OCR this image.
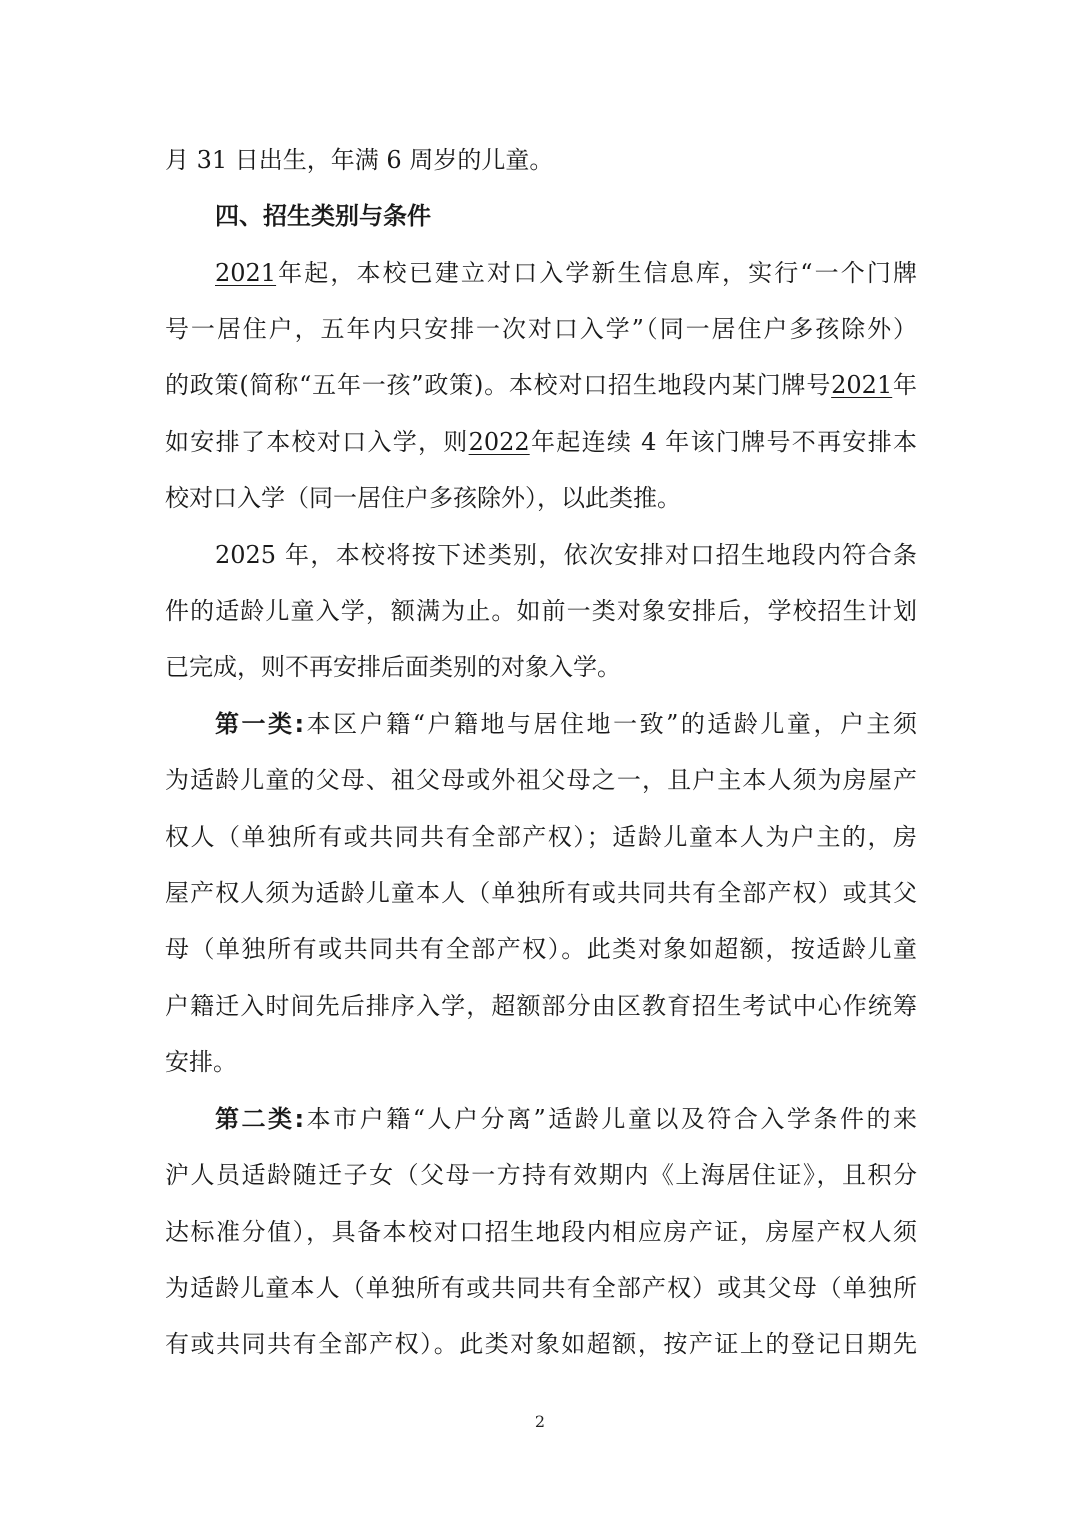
月 31 日出生，年满 6 周岁的儿童。
四、招生类别与条件
2021年起，本校已建立对口入学新生信息库，实行“一个门牌
号一居住户，五年内只安排一次对口入学”（同一居住户多孩除外）
的政策(简称“五年一孩”政策)。本校对口招生地段内某门牌号2021年
如安排了本校对口入学，则2022年起连续 4 年该门牌号不再安排本
校对口入学（同一居住户多孩除外），以此类推。
2025 年，本校将按下述类别，依次安排对口招生地段内符合条
件的适龄儿童入学，额满为止。如前一类对象安排后，学校招生计划
已完成，则不再安排后面类别的对象入学。
第一类:本区户籍“户籍地与居住地一致”的适龄儿童，户主须
为适龄儿童的父母、祖父母或外祖父母之一，且户主本人须为房屋产
权人（单独所有或共同共有全部产权）；适龄儿童本人为户主的，房
屋产权人须为适龄儿童本人（单独所有或共同共有全部产权）或其父
母（单独所有或共同共有全部产权）。此类对象如超额，按适龄儿童
户籍迁入时间先后排序入学，超额部分由区教育招生考试中心作统筹
安排。
第二类:本市户籍“人户分离”适龄儿童以及符合入学条件的来
沪人员适龄随迁子女（父母一方持有效期内《上海居住证》，且积分
达标准分值），具备本校对口招生地段内相应房产证，房屋产权人须
为适龄儿童本人（单独所有或共同共有全部产权）或其父母（单独所
有或共同共有全部产权）。此类对象如超额，按产证上的登记日期先
2
